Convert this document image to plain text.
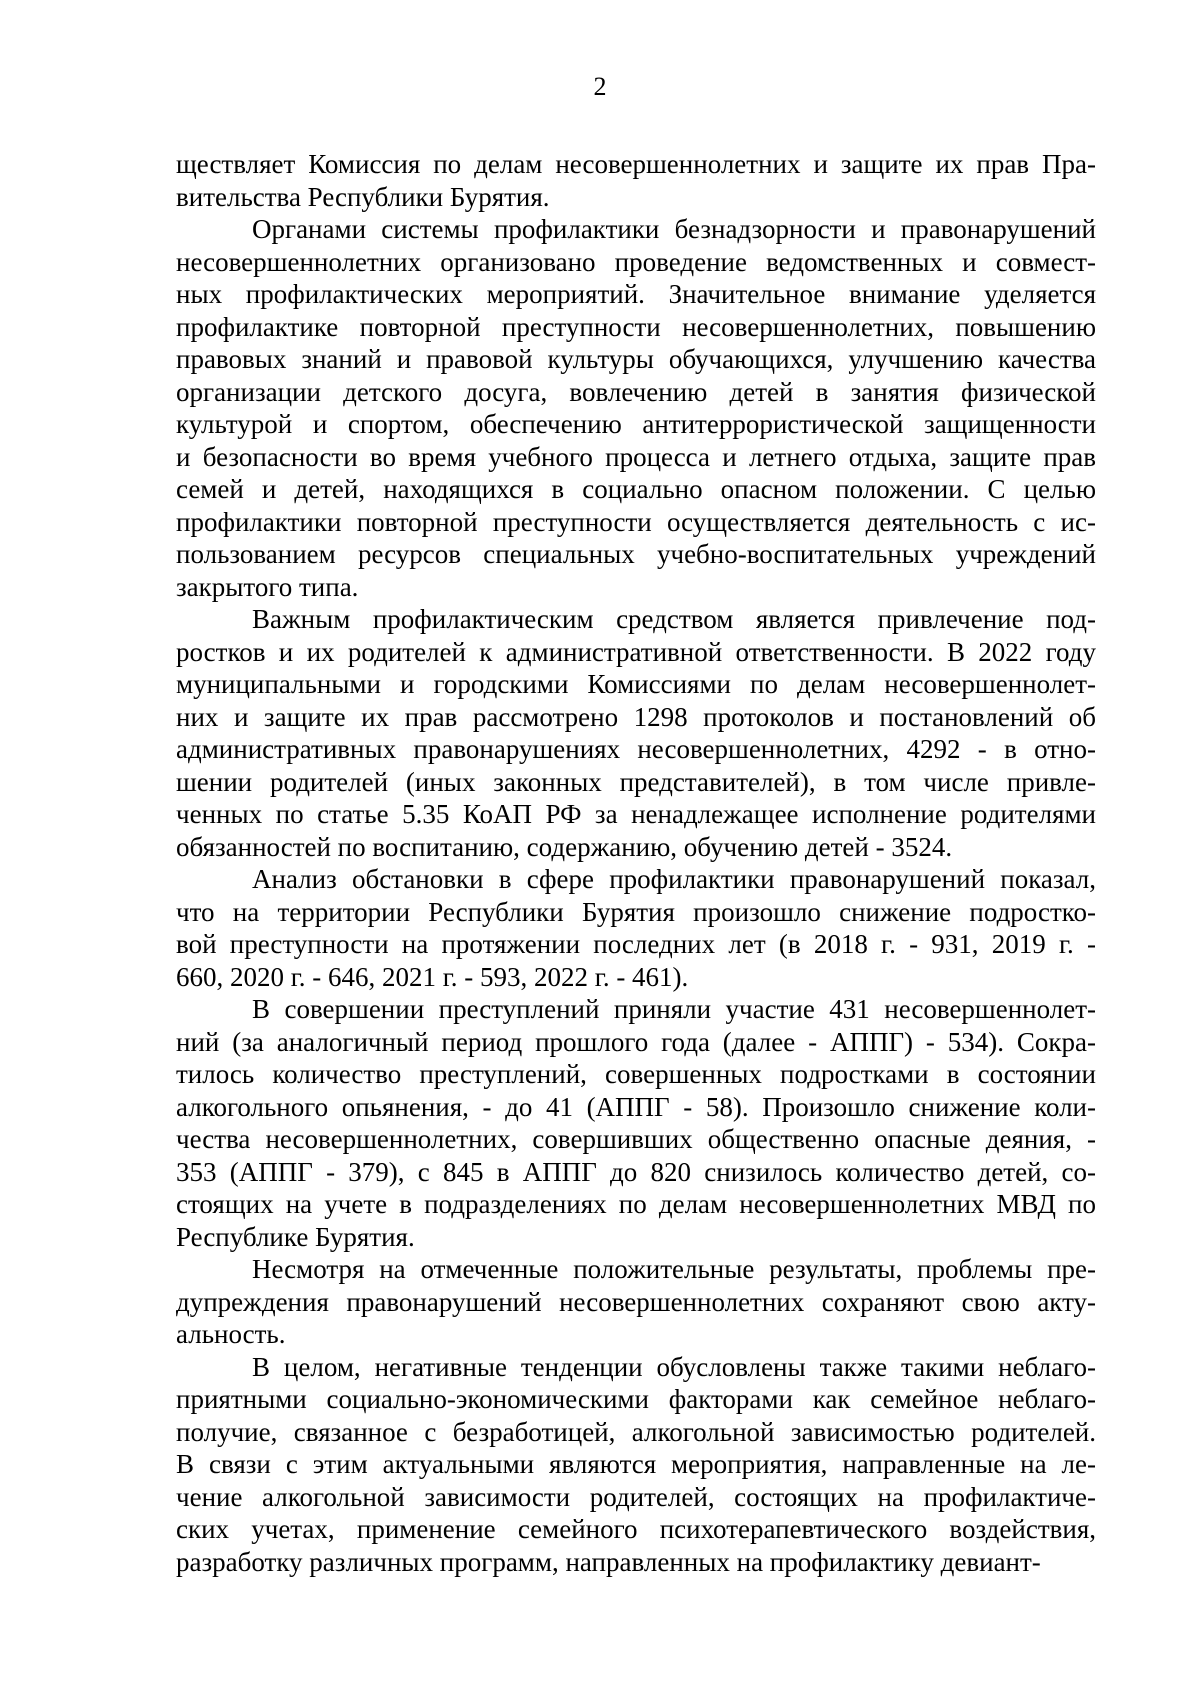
2
ществляет Комиссия по делам несовершеннолетних и защите их прав Пра-
вительства Республики Бурятия.
Органами системы профилактики безнадзорности и правонарушений
несовершеннолетних организовано проведение ведомственных и совмест-
ных профилактических мероприятий. Значительное внимание уделяется
профилактике повторной преступности несовершеннолетних, повышению
правовых знаний и правовой культуры обучающихся, улучшению качества
организации детского досуга, вовлечению детей в занятия физической
культурой и спортом, обеспечению антитеррористической защищенности
и безопасности во время учебного процесса и летнего отдыха, защите прав
семей и детей, находящихся в социально опасном положении. С целью
профилактики повторной преступности осуществляется деятельность с ис-
пользованием ресурсов специальных учебно-воспитательных учреждений
закрытого типа.
Важным профилактическим средством является привлечение под-
ростков и их родителей к административной ответственности. В 2022 году
муниципальными и городскими Комиссиями по делам несовершеннолет-
них и защите их прав рассмотрено 1298 протоколов и постановлений об
административных правонарушениях несовершеннолетних, 4292 - в отно-
шении родителей (иных законных представителей), в том числе привле-
ченных по статье 5.35 КоАП РФ за ненадлежащее исполнение родителями
обязанностей по воспитанию, содержанию, обучению детей - 3524.
Анализ обстановки в сфере профилактики правонарушений показал,
что на территории Республики Бурятия произошло снижение подростко-
вой преступности на протяжении последних лет (в 2018 г. - 931, 2019 г. -
660, 2020 г. - 646, 2021 г. - 593, 2022 г. - 461).
В совершении преступлений приняли участие 431 несовершеннолет-
ний (за аналогичный период прошлого года (далее - АППГ) - 534). Сокра-
тилось количество преступлений, совершенных подростками в состоянии
алкогольного опьянения, - до 41 (АППГ - 58). Произошло снижение коли-
чества несовершеннолетних, совершивших общественно опасные деяния, -
353 (АППГ - 379), с 845 в АППГ до 820 снизилось количество детей, со-
стоящих на учете в подразделениях по делам несовершеннолетних МВД по
Республике Бурятия.
Несмотря на отмеченные положительные результаты, проблемы пре-
дупреждения правонарушений несовершеннолетних сохраняют свою акту-
альность.
В целом, негативные тенденции обусловлены также такими неблаго-
приятными социально-экономическими факторами как семейное неблаго-
получие, связанное с безработицей, алкогольной зависимостью родителей.
В связи с этим актуальными являются мероприятия, направленные на ле-
чение алкогольной зависимости родителей, состоящих на профилактиче-
ских учетах, применение семейного психотерапевтического воздействия,
разработку различных программ, направленных на профилактику девиант-
